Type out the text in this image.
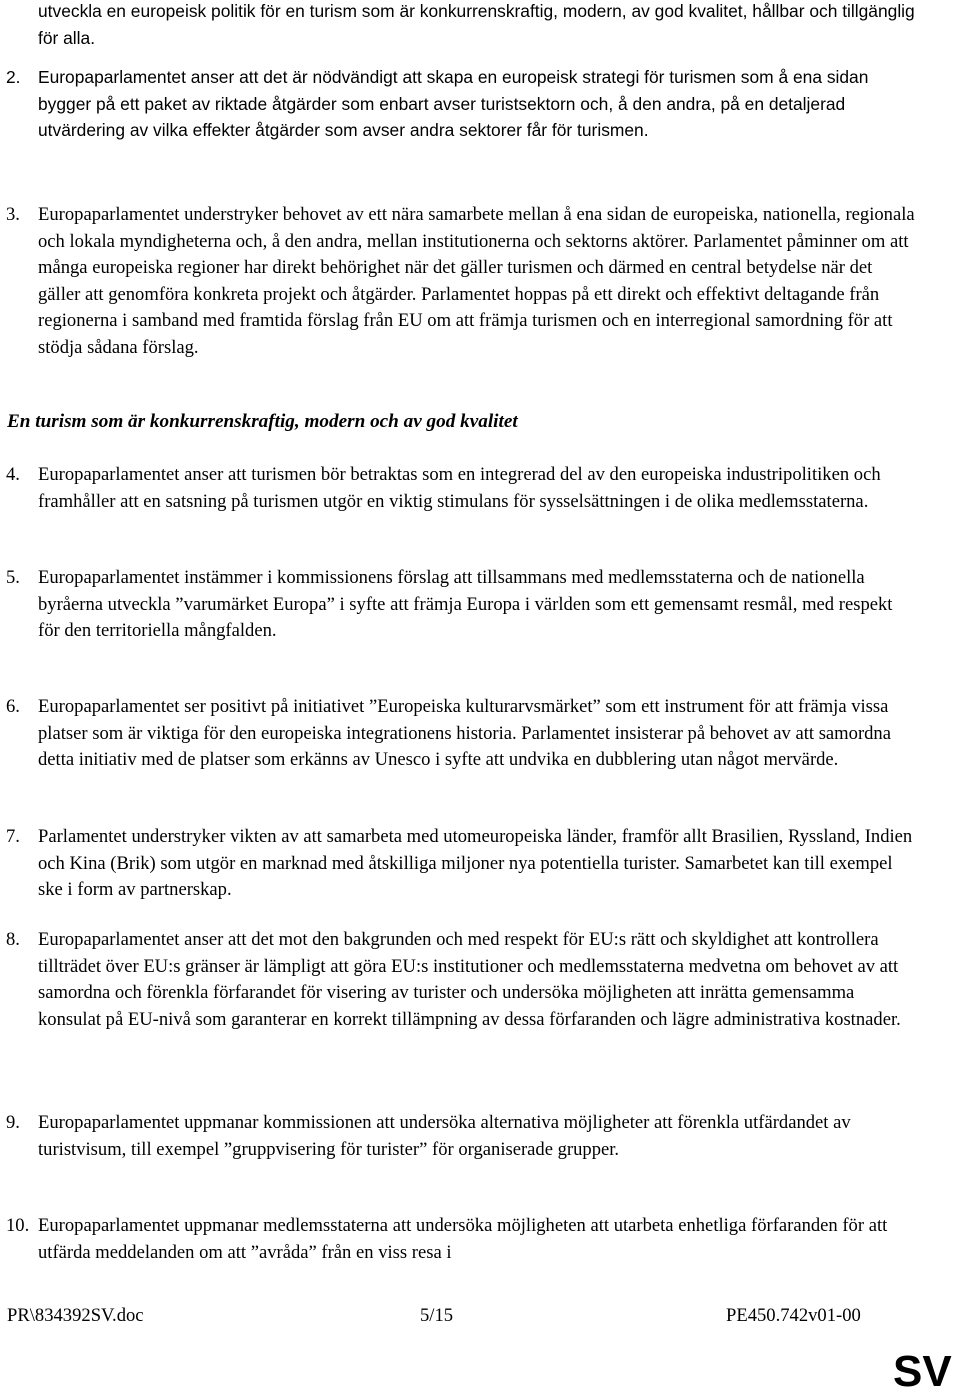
utveckla en europeisk politik för en turism som är konkurrenskraftig, modern, av god kvalitet, hållbar och tillgänglig för alla.

2. Europaparlamentet anser att det är nödvändigt att skapa en europeisk strategi för turismen som å ena sidan bygger på ett paket av riktade åtgärder som enbart avser turistsektorn och, å den andra, på en detaljerad utvärdering av vilka effekter åtgärder som avser andra sektorer får för turismen.
3. Europaparlamentet understryker behovet av ett nära samarbete mellan å ena sidan de europeiska, nationella, regionala och lokala myndigheterna och, å den andra, mellan institutionerna och sektorns aktörer. Parlamentet påminner om att många europeiska regioner har direkt behörighet när det gäller turismen och därmed en central betydelse när det gäller att genomföra konkreta projekt och åtgärder. Parlamentet hoppas på ett direkt och effektivt deltagande från regionerna i samband med framtida förslag från EU om att främja turismen och en interregional samordning för att stödja sådana förslag.

En turism som är konkurrenskraftig, modern och av god kvalitet

4. Europaparlamentet anser att turismen bör betraktas som en integrerad del av den europeiska industripolitiken och framhåller att en satsning på turismen utgör en viktig stimulans för sysselsättningen i de olika medlemsstaterna.
5. Europaparlamentet instämmer i kommissionens förslag att tillsammans med medlemsstaterna och de nationella byråerna utveckla ”varumärket Europa” i syfte att främja Europa i världen som ett gemensamt resmål, med respekt för den territoriella mångfalden.
6. Europaparlamentet ser positivt på initiativet ”Europeiska kulturarvsmärket” som ett instrument för att främja vissa platser som är viktiga för den europeiska integrationens historia. Parlamentet insisterar på behovet av att samordna detta initiativ med de platser som erkänns av Unesco i syfte att undvika en dubblering utan något mervärde.
7. Parlamentet understryker vikten av att samarbeta med utomeuropeiska länder, framför allt Brasilien, Ryssland, Indien och Kina (Brik) som utgör en marknad med åtskilliga miljoner nya potentiella turister. Samarbetet kan till exempel ske i form av partnerskap.
8. Europaparlamentet anser att det mot den bakgrunden och med respekt för EU:s rätt och skyldighet att kontrollera tillträdet över EU:s gränser är lämpligt att göra EU:s institutioner och medlemsstaterna medvetna om behovet av att samordna och förenkla förfarandet för visering av turister och undersöka möjligheten att inrätta gemensamma konsulat på EU-nivå som garanterar en korrekt tillämpning av dessa förfaranden och lägre administrativa kostnader.
9. Europaparlamentet uppmanar kommissionen att undersöka alternativa möjligheter att förenkla utfärdandet av turistvisum, till exempel ”gruppvisering för turister” för organiserade grupper.
10. Europaparlamentet uppmanar medlemsstaterna att undersöka möjligheten att utarbeta enhetliga förfaranden för att utfärda meddelanden om att ”avråda” från en viss resa i
PR\834392SV.doc	5/15	PE450.742v01-00
SV
